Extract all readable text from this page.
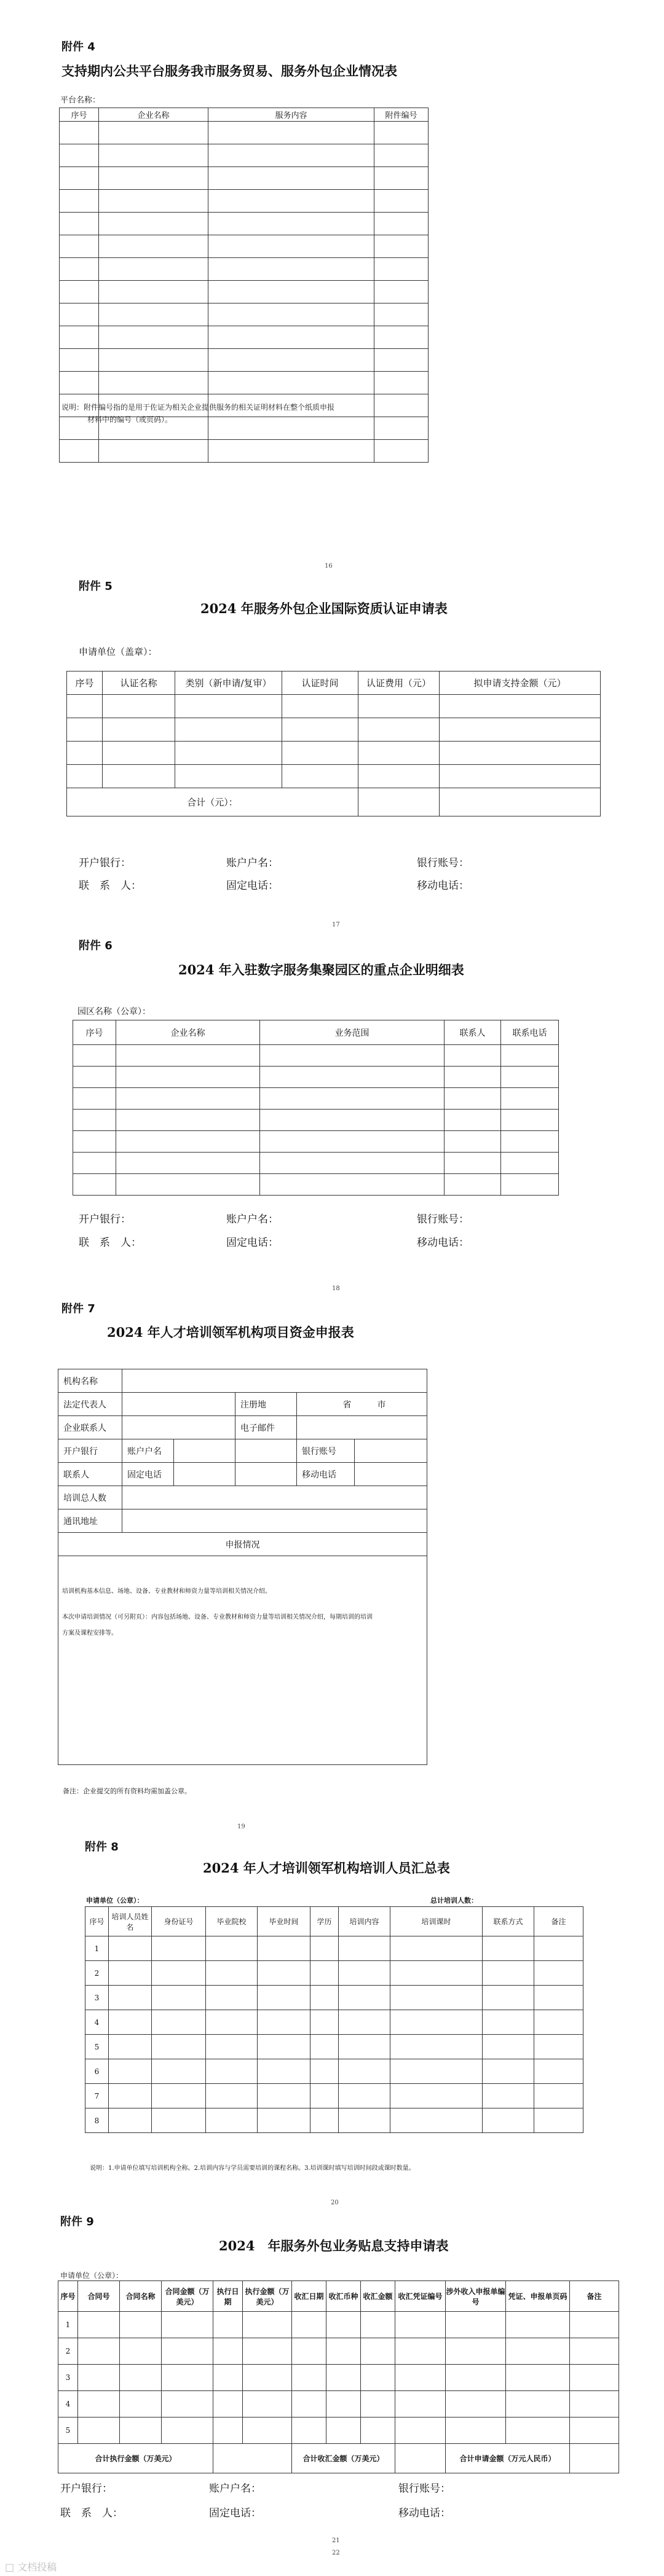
附件 4
支持期内公共平台服务我市服务贸易、服务外包企业情况表
平台名称：
序号	企业名称	服务内容	附件编号

说明：附件编号指的是用于佐证为相关企业提供服务的相关证明材料在整个纸质申报
材料中的编号（或页码）。
16
附件 5
2024 年服务外包企业国际资质认证申请表
申请单位（盖章）：
序号	认证名称	类别（新申请/复审）	认证时间	认证费用（元）	拟申请支持金额（元）

合计（元）：					
开户银行：	账户户名：	银行账号：
联　系　人：	固定电话：	移动电话：
17
附件 6
2024 年入驻数字服务集聚园区的重点企业明细表
园区名称（公章）：
序号	企业名称	业务范围	联系人	联系电话

开户银行：	账户户名：	银行账号：
联　系　人：	固定电话：	移动电话：
18
附件 7
2024 年人才培训领军机构项目资金申报表
机构名称					
法定代表人			注册地	省    市	
企业联系人			电子邮件		
开户银行	账户户名			银行账号	
联系人	固定电话			移动电话	
培训总人数					
通讯地址					
申报情况					

培训机构基本信息、场地、设备、专业教材和师资力量等培训相关情况介绍。
本次申请培训情况（可另附页）：内容包括场地、设备、专业教材和师资力量等培训相关情况介绍，每期培训的培训
方案及课程安排等。					
备注：企业提交的所有资料均需加盖公章。
19
附件 8
2024 年人才培训领军机构培训人员汇总表
申请单位（公章）：	总计培训人数：
序号	培训人员姓名	身份证号	毕业院校	毕业时间	学历	培训内容	培训课时	联系方式	备注
1									
2									
3									
4									
5									
6									
7									
8									
说明：1.申请单位填写培训机构全称。2.培训内容与学员需要培训的课程名称。3.培训课时填写培训时间段或课时数量。
20
附件 9
2024　年服务外包业务贴息支持申请表
申请单位（公章）：
序号	合同号	合同名称	合同金额（万美元）	执行日期	执行金额（万美元）	收汇日期	收汇币种	收汇金额	收汇凭证编号	涉外收入申报单编号	凭证、申报单页码	备注
1												
2												
3												
4												
5												
合计执行金额（万美元）						合计收汇金额（万美元）				合计申请金额（万元人民币）		
开户银行：	账户户名：	银行账号：
联　系　人：	固定电话：	移动电话：
21
22
□ 文档投稿
